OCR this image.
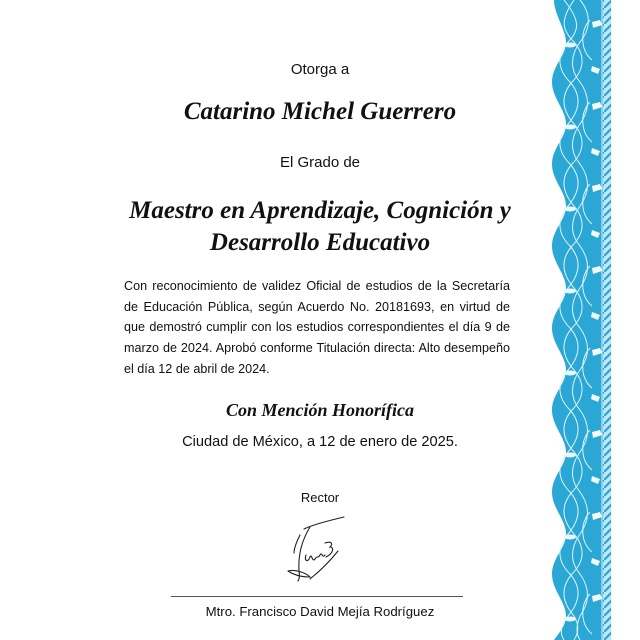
Otorga a
Catarino Michel Guerrero
El Grado de
Maestro en Aprendizaje, Cognición y
Desarrollo Educativo
Con reconocimiento de validez Oficial de estudios de la Secretaría de Educación Pública, según Acuerdo No. 20181693, en virtud de que demostró cumplir con los estudios correspondientes el día 9 de marzo de 2024. Aprobó conforme Titulación directa: Alto desempeño el día 12 de abril de 2024.
Con Mención Honorífica
Ciudad de México, a 12 de enero de 2025.
Rector
Mtro. Francisco David Mejía Rodríguez
